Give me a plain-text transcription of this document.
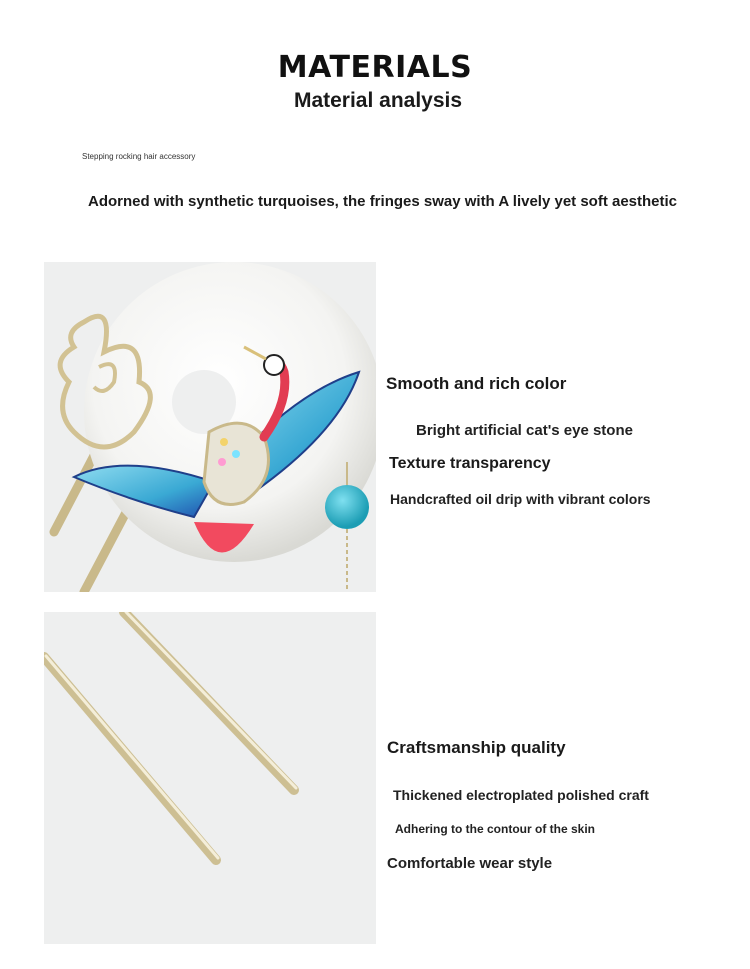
MATERIALS
Material analysis
Stepping rocking hair accessory
Adorned with synthetic turquoises, the fringes sway with A lively yet soft aesthetic
Smooth and rich color
Bright artificial cat's eye stone
Texture transparency
Handcrafted oil drip with vibrant colors
Craftsmanship quality
Thickened electroplated polished craft
Adhering to the contour of the skin
Comfortable wear style
